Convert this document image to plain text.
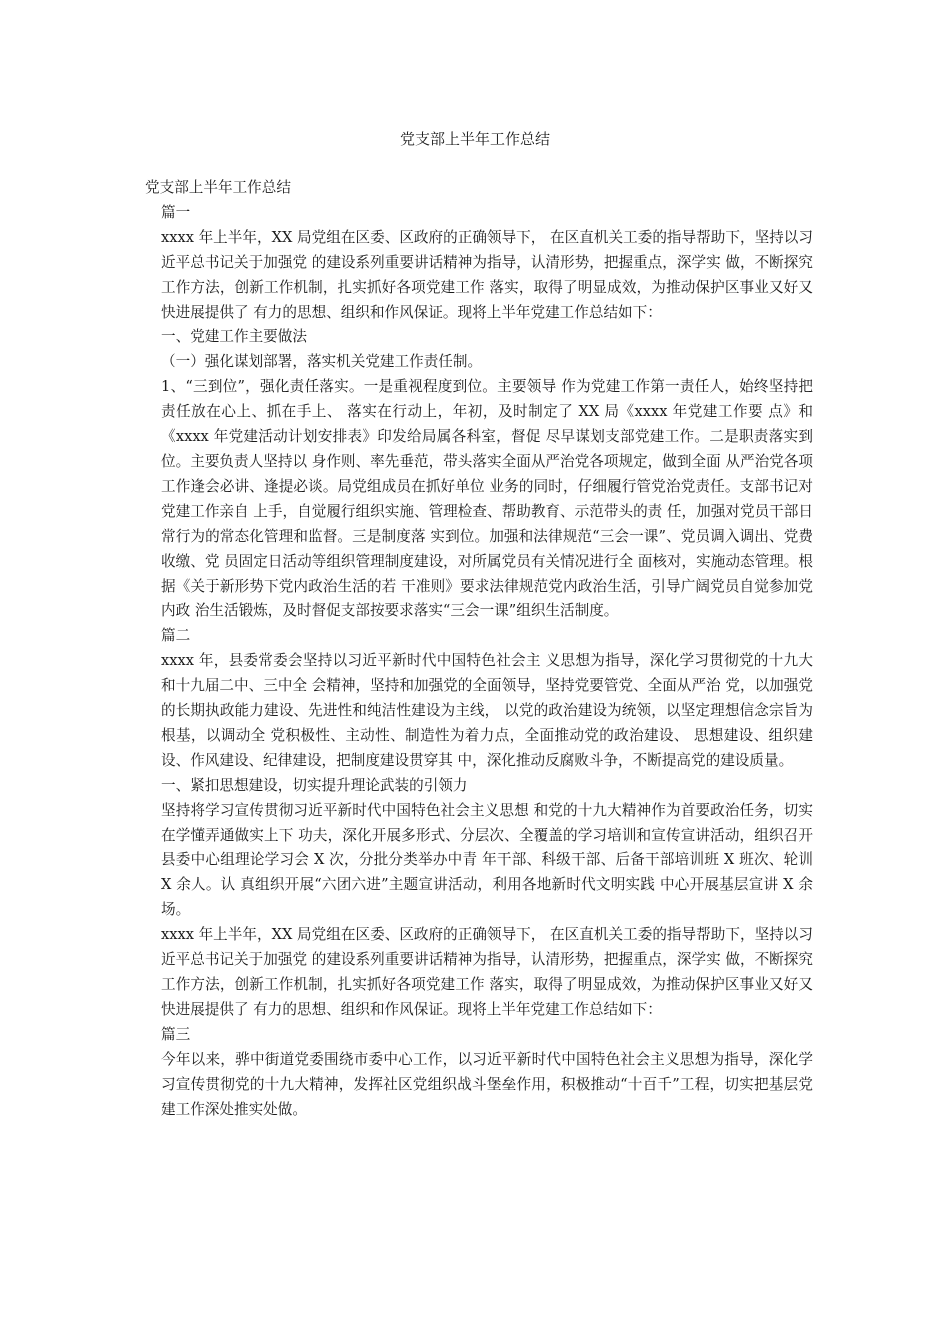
党支部上半年工作总结

党支部上半年工作总结

篇一

xxxx 年上半年，XX 局党组在区委、区政府的正确领导下， 在区直机关工委的指导帮助下，坚持以习近平总书记关于加强党 的建设系列重要讲话精神为指导，认清形势，把握重点，深学实 做，不断探究工作方法，创新工作机制，扎实抓好各项党建工作 落实，取得了明显成效，为推动保护区事业又好又快进展提供了 有力的思想、组织和作风保证。现将上半年党建工作总结如下：

一、党建工作主要做法

（一）强化谋划部署，落实机关党建工作责任制。

1、“三到位”，强化责任落实。一是重视程度到位。主要领导 作为党建工作第一责任人，始终坚持把责任放在心上、抓在手上、 落实在行动上，年初，及时制定了 XX 局《xxxx 年党建工作要 点》和《xxxx 年党建活动计划安排表》印发给局属各科室，督促 尽早谋划支部党建工作。二是职责落实到位。主要负责人坚持以 身作则、率先垂范，带头落实全面从严治党各项规定，做到全面 从严治党各项工作逢会必讲、逢提必谈。局党组成员在抓好单位 业务的同时，仔细履行管党治党责任。支部书记对党建工作亲自 上手，自觉履行组织实施、管理检查、帮助教育、示范带头的责 任，加强对党员干部日常行为的常态化管理和监督。三是制度落 实到位。加强和法律规范“三会一课”、党员调入调出、党费收缴、党 员固定日活动等组织管理制度建设，对所属党员有关情况进行全 面核对，实施动态管理。根据《关于新形势下党内政治生活的若 干准则》要求法律规范党内政治生活，引导广阔党员自觉参加党内政 治生活锻炼，及时督促支部按要求落实“三会一课”组织生活制度。

篇二

xxxx 年，县委常委会坚持以习近平新时代中国特色社会主 义思想为指导，深化学习贯彻党的十九大和十九届二中、三中全 会精神，坚持和加强党的全面领导，坚持党要管党、全面从严治 党，以加强党的长期执政能力建设、先进性和纯洁性建设为主线， 以党的政治建设为统领，以坚定理想信念宗旨为根基，以调动全 党积极性、主动性、制造性为着力点，全面推动党的政治建设、 思想建设、组织建设、作风建设、纪律建设，把制度建设贯穿其 中，深化推动反腐败斗争，不断提高党的建设质量。

一、紧扣思想建设，切实提升理论武装的引领力

坚持将学习宣传贯彻习近平新时代中国特色社会主义思想 和党的十九大精神作为首要政治任务，切实在学懂弄通做实上下 功夫，深化开展多形式、分层次、全覆盖的学习培训和宣传宣讲活动，组织召开县委中心组理论学习会 X 次，分批分类举办中青 年干部、科级干部、后备干部培训班 X 班次、轮训 X 余人。认 真组织开展“六团六进”主题宣讲活动，利用各地新时代文明实践 中心开展基层宣讲 X 余场。

xxxx 年上半年，XX 局党组在区委、区政府的正确领导下， 在区直机关工委的指导帮助下，坚持以习近平总书记关于加强党 的建设系列重要讲话精神为指导，认清形势，把握重点，深学实 做，不断探究工作方法，创新工作机制，扎实抓好各项党建工作 落实，取得了明显成效，为推动保护区事业又好又快进展提供了 有力的思想、组织和作风保证。现将上半年党建工作总结如下：

篇三

今年以来，骅中街道党委围绕市委中心工作，以习近平新时代中国特色社会主义思想为指导，深化学习宣传贯彻党的十九大精神，发挥社区党组织战斗堡垒作用，积极推动“十百千”工程，切实把基层党建工作深处推实处做。
